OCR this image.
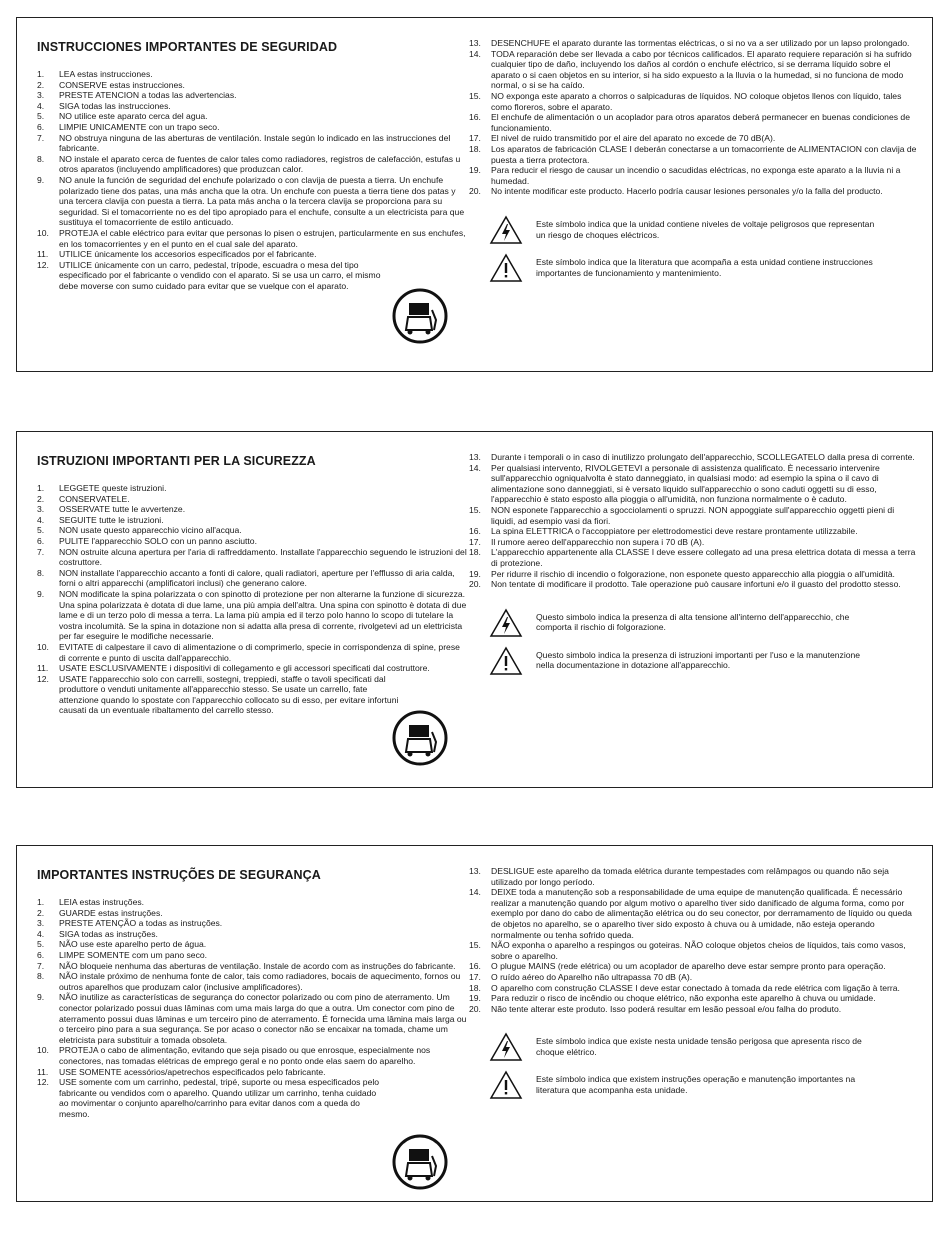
INSTRUCCIONES IMPORTANTES DE SEGURIDAD
1.	LEA estas instrucciones.
2.	CONSERVE estas instrucciones.
3.	PRESTE ATENCION a todas las advertencias.
4.	SIGA todas las instrucciones.
5.	NO utilice este aparato cerca del agua.
6.	LIMPIE UNICAMENTE con un trapo seco.
7.	NO obstruya ninguna de las aberturas de ventilación. Instale según lo indicado en las instrucciones del fabricante.
8.	NO instale el aparato cerca de fuentes de calor tales como radiadores, registros de calefacción, estufas u otros aparatos (incluyendo amplificadores) que produzcan calor.
9.	NO anule la función de seguridad del enchufe polarizado o con clavija de puesta a tierra. Un enchufe polarizado tiene dos patas, una más ancha que la otra. Un enchufe con puesta a tierra tiene dos patas y una tercera clavija con puesta a tierra. La pata más ancha o la tercera clavija se proporciona para su seguridad. Si el tomacorriente no es del tipo apropiado para el enchufe, consulte a un electricista para que sustituya el tomacorriente de estilo anticuado.
10.	PROTEJA el cable eléctrico para evitar que personas lo pisen o estrujen, particularmente en sus enchufes, en los tomacorrientes y en el punto en el cual sale del aparato.
11.	UTILICE únicamente los accesorios especificados por el fabricante.
12.	UTILICE únicamente con un carro, pedestal, trípode, escuadra o mesa del tipo especificado por el fabricante o vendido con el aparato. Si se usa un carro, el mismo debe moverse con sumo cuidado para evitar que se vuelque con el aparato.
13.	DESENCHUFE el aparato durante las tormentas eléctricas, o si no va a ser utilizado por un lapso prolongado.
14.	TODA reparación debe ser llevada a cabo por técnicos calificados. El aparato requiere reparación si ha sufrido cualquier tipo de daño, incluyendo los daños al cordón o enchufe eléctrico, si se derrama líquido sobre el aparato o si caen objetos en su interior, si ha sido expuesto a la lluvia o la humedad, si no funciona de modo normal, o si se ha caído.
15.	NO exponga este aparato a chorros o salpicaduras de líquidos. NO coloque objetos llenos con líquido, tales como floreros, sobre el aparato.
16.	El enchufe de alimentación o un acoplador para otros aparatos deberá permanecer en buenas condiciones de funcionamiento.
17.	El nivel de ruido transmitido por el aire del aparato no excede de 70 dB(A).
18.	Los aparatos de fabricación CLASE I deberán conectarse a un tomacorriente de ALIMENTACION con clavija de puesta a tierra protectora.
19.	Para reducir el riesgo de causar un incendio o sacudidas eléctricas, no exponga este aparato a la lluvia ni a humedad.
20.	No intente modificar este producto. Hacerlo podría causar lesiones personales y/o la falla del producto.
Este símbolo indica que la unidad contiene niveles de voltaje peligrosos que representan un riesgo de choques eléctricos.
Este símbolo indica que la literatura que acompaña a esta unidad contiene instrucciones importantes de funcionamiento y mantenimiento.
ISTRUZIONI IMPORTANTI PER LA SICUREZZA
1.	LEGGETE queste istruzioni.
2.	CONSERVATELE.
3.	OSSERVATE tutte le avvertenze.
4.	SEGUITE tutte le istruzioni.
5.	NON usate questo apparecchio vicino all'acqua.
6.	PULITE l'apparecchio SOLO con un panno asciutto.
7.	NON ostruite alcuna apertura per l'aria di raffreddamento. Installate l'apparecchio seguendo le istruzioni del costruttore.
8.	NON installate l'apparecchio accanto a fonti di calore, quali radiatori, aperture per l'efflusso di aria calda, forni o altri apparecchi (amplificatori inclusi) che generano calore.
9.	NON modificate la spina polarizzata o con spinotto di protezione per non alterarne la funzione di sicurezza. Una spina polarizzata è dotata di due lame, una più ampia dell'altra. Una spina con spinotto è dotata di due lame e di un terzo polo di messa a terra. La lama più ampia ed il terzo polo hanno lo scopo di tutelare la vostra incolumità. Se la spina in dotazione non si adatta alla presa di corrente, rivolgetevi ad un elettricista per far eseguire le modifiche necessarie.
10.	EVITATE di calpestare il cavo di alimentazione o di comprimerlo, specie in corrispondenza di spine, prese di corrente e punto di uscita dall'apparecchio.
11.	USATE ESCLUSIVAMENTE i dispositivi di collegamento e gli accessori specificati dal costruttore.
12.	USATE l'apparecchio solo con carrelli, sostegni, treppiedi, staffe o tavoli specificati dal produttore o venduti unitamente all'apparecchio stesso. Se usate un carrello, fate attenzione quando lo spostate con l'apparecchio collocato su di esso, per evitare infortuni causati da un eventuale ribaltamento del carrello stesso.
13.	Durante i temporali o in caso di inutilizzo prolungato dell'apparecchio, SCOLLEGATELO dalla presa di corrente.
14.	Per qualsiasi intervento, RIVOLGETEVI a personale di assistenza qualificato. È necessario intervenire sull'apparecchio ogniqualvolta è stato danneggiato, in qualsiasi modo: ad esempio la spina o il cavo di alimentazione sono danneggiati, si è versato liquido sull'apparecchio o sono caduti oggetti su di esso, l'apparecchio è stato esposto alla pioggia o all'umidità, non funziona normalmente o è caduto.
15.	NON esponete l'apparecchio a sgocciolamenti o spruzzi. NON appoggiate sull'apparecchio oggetti pieni di liquidi, ad esempio vasi da fiori.
16.	La spina ELETTRICA o l'accoppiatore per elettrodomestici deve restare prontamente utilizzabile.
17.	Il rumore aereo dell'apparecchio non supera i 70 dB (A).
18.	L'apparecchio appartenente alla CLASSE I deve essere collegato ad una presa elettrica dotata di messa a terra di protezione.
19.	Per ridurre il rischio di incendio o folgorazione, non esponete questo apparecchio alla pioggia o all'umidità.
20.	Non tentate di modificare il prodotto. Tale operazione può causare infortuni e/o il guasto del prodotto stesso.
Questo simbolo indica la presenza di alta tensione all'interno dell'apparecchio, che comporta il rischio di folgorazione.
Questo simbolo indica la presenza di istruzioni importanti per l'uso e la manutenzione nella documentazione in dotazione all'apparecchio.
IMPORTANTES INSTRUÇÕES DE SEGURANÇA
1.	LEIA estas instruções.
2.	GUARDE estas instruções.
3.	PRESTE ATENÇÃO a todas as instruções.
4.	SIGA todas as instruções.
5.	NÃO use este aparelho perto de água.
6.	LIMPE SOMENTE com um pano seco.
7.	NÃO bloqueie nenhuma das aberturas de ventilação. Instale de acordo com as instruções do fabricante.
8.	NÃO instale próximo de nenhuma fonte de calor, tais como radiadores, bocais de aquecimento, fornos ou outros aparelhos que produzam calor (inclusive amplificadores).
9.	NÃO inutilize as características de segurança do conector polarizado ou com pino de aterramento. Um conector polarizado possui duas lâminas com uma mais larga do que a outra. Um conector com pino de aterramento possui duas lâminas e um terceiro pino de aterramento. É fornecida uma lâmina mais larga ou o terceiro pino para a sua segurança. Se por acaso o conector não se encaixar na tomada, chame um eletricista para substituir a tomada obsoleta.
10.	PROTEJA o cabo de alimentação, evitando que seja pisado ou que enrosque, especialmente nos conectores, nas tomadas elétricas de emprego geral e no ponto onde elas saem do aparelho.
11.	USE SOMENTE acessórios/apetrechos especificados pelo fabricante.
12.	USE somente com um carrinho, pedestal, tripé, suporte ou mesa especificados pelo fabricante ou vendidos com o aparelho. Quando utilizar um carrinho, tenha cuidado ao movimentar o conjunto aparelho/carrinho para evitar danos com a queda do mesmo.
13.	DESLIGUE este aparelho da tomada elétrica durante tempestades com relâmpagos ou quando não seja utilizado por longo período.
14.	DEIXE toda a manutenção sob a responsabilidade de uma equipe de manutenção qualificada. É necessário realizar a manutenção quando por algum motivo o aparelho tiver sido danificado de alguma forma, como por exemplo por dano do cabo de alimentação elétrica ou do seu conector, por derramamento de líquido ou queda de objetos no aparelho, se o aparelho tiver sido exposto à chuva ou à umidade, não esteja operando normalmente ou tenha sofrido queda.
15.	NÃO exponha o aparelho a respingos ou goteiras. NÃO coloque objetos cheios de líquidos, tais como vasos, sobre o aparelho.
16.	O plugue MAINS (rede elétrica) ou um acoplador de aparelho deve estar sempre pronto para operação.
17.	O ruído aéreo do Aparelho não ultrapassa 70 dB (A).
18.	O aparelho com construção CLASSE I deve estar conectado à tomada da rede elétrica com ligação à terra.
19.	Para reduzir o risco de incêndio ou choque elétrico, não exponha este aparelho à chuva ou umidade.
20.	Não tente alterar este produto. Isso poderá resultar em lesão pessoal e/ou falha do produto.
Este símbolo indica que existe nesta unidade tensão perigosa que apresenta risco de choque elétrico.
Este símbolo indica que existem instruções operação e manutenção importantes na literatura que acompanha esta unidade.
